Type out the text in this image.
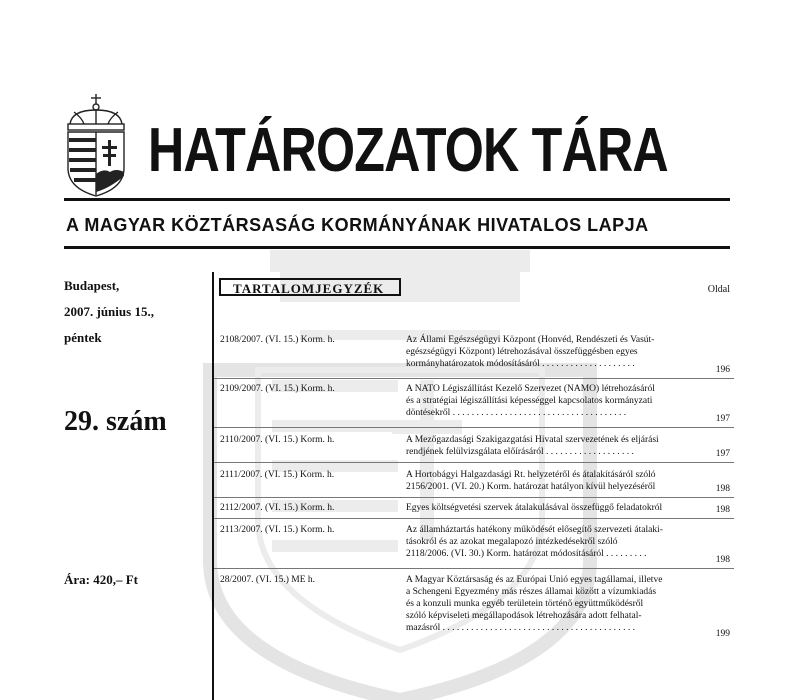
HATÁROZATOK TÁRA
A MAGYAR KÖZTÁRSASÁG KORMÁNYÁNAK HIVATALOS LAPJA
Budapest,
2007. június 15.,
péntek
29. szám
Ára: 420,– Ft
TARTALOMJEGYZÉK	Oldal
2108/2007. (VI. 15.) Korm. h.	Az Állami Egészségügyi Központ (Honvéd, Rendészeti és Vasút-
egészségügyi Központ) létrehozásával összefüggésben egyes
kormányhatározatok módosításáról . . . . . . . . . . . . . . . . . . . .
196
2109/2007. (VI. 15.) Korm. h.	A NATO Légiszállítást Kezelő Szervezet (NAMO) létrehozásáról
és a stratégiai légiszállítási képességgel kapcsolatos kormányzati
döntésekről . . . . . . . . . . . . . . . . . . . . . . . . . . . . . . . . . . . . .
197
2110/2007. (VI. 15.) Korm. h.	A Mezőgazdasági Szakigazgatási Hivatal szervezetének és eljárási
rendjének felülvizsgálata előírásáról . . . . . . . . . . . . . . . . . . .	197
2111/2007. (VI. 15.) Korm. h.	A Hortobágyi Halgazdasági Rt. helyzetéről és átalakításáról szóló
2156/2001. (VI. 20.) Korm. határozat hatályon kívül helyezéséről	198
2112/2007. (VI. 15.) Korm. h.	Egyes költségvetési szervek átalakulásával összefüggő feladatokról	198
2113/2007. (VI. 15.) Korm. h.	Az államháztartás hatékony működését elősegítő szervezeti átalaki-
tásokról és az azokat megalapozó intézkedésekről szóló
2118/2006. (VI. 30.) Korm. határozat módosításáról . . . . . . . . .
198
28/2007. (VI. 15.) ME h.	A Magyar Köztársaság és az Európai Unió egyes tagállamai, illetve
a Schengeni Egyezmény más részes államai között a vízumkiadás
és a konzuli munka egyéb területein történő együttműködésről
szóló képviseleti megállapodások létrehozására adott felhatal-
mazásról . . . . . . . . . . . . . . . . . . . . . . . . . . . . . . . . . . . . . . . . .
199
